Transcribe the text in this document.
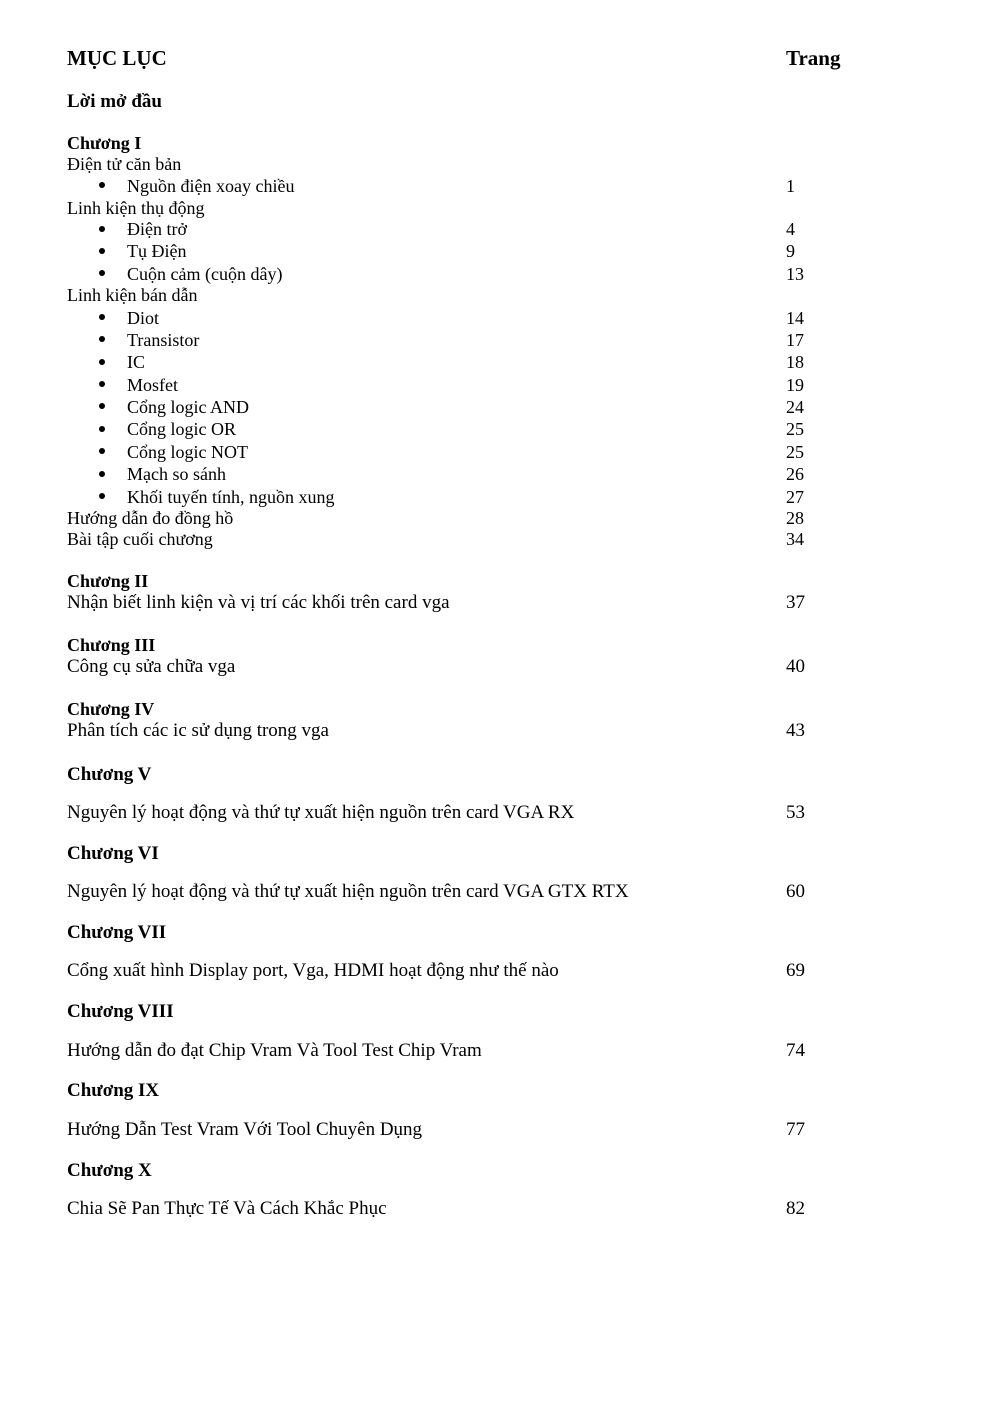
MỤC LỤC	Trang
Lời mở đầu
Chương I
Điện tử căn bản
Nguồn điện xoay chiều	1
Linh kiện thụ động
Điện trở	4
Tụ Điện	9
Cuộn cảm (cuộn dây)	13
Linh kiện bán dẫn
Diot	14
Transistor	17
IC	18
Mosfet	19
Cổng logic AND	24
Cổng logic OR	25
Cổng logic NOT	25
Mạch so sánh	26
Khối tuyến tính, nguồn xung	27
Hướng dẫn đo đồng hồ	28
Bài tập cuối chương	34
Chương II
Nhận biết linh kiện và vị trí các khối trên card vga	37
Chương III
Công cụ sửa chữa vga	40
Chương IV
Phân tích các ic sử dụng trong vga	43
Chương V
Nguyên lý hoạt động và thứ tự xuất hiện nguồn trên card VGA RX	53
Chương VI
Nguyên lý hoạt động và thứ tự xuất hiện nguồn trên card VGA GTX RTX	60
Chương VII
Cổng xuất hình Display port, Vga, HDMI hoạt động như thế nào	69
Chương VIII
Hướng dẫn đo đạt Chip Vram Và Tool Test Chip Vram	74
Chương IX
Hướng Dẫn Test Vram Với Tool Chuyên Dụng	77
Chương X
Chia Sẽ Pan Thực Tế Và Cách Khắc Phục	82
